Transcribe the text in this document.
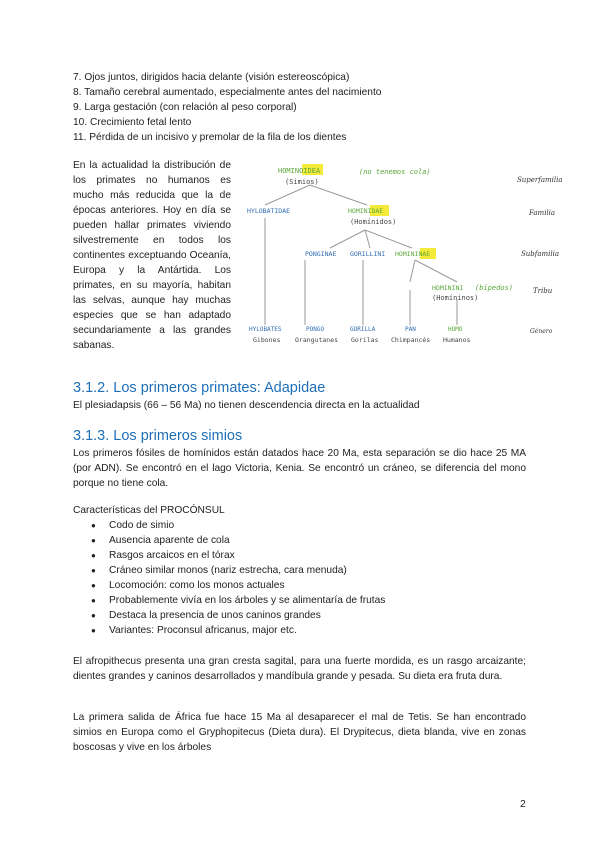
7. Ojos juntos, dirigidos hacia delante (visión estereoscópica)
8. Tamaño cerebral aumentado, especialmente antes del nacimiento
9. Larga gestación (con relación al peso corporal)
10. Crecimiento fetal lento
11. Pérdida de un incisivo y premolar de la fila de los dientes
En la actualidad la distribución de los primates no humanos es mucho más reducida que la de épocas anteriores. Hoy en día se pueden hallar primates viviendo silvestremente en todos los continentes exceptuando Oceanía, Europa y la Antártida. Los primates, en su mayoría, habitan las selvas, aunque hay muchas especies que se han adaptado secundariamente a las grandes sabanas.
HOMINOIDEA	(no tenemos cola)
(Simios)
HYLOBATIDAE	HOMINIDAE
(Homínidos)
PONGINAE GORILLINI HOMININAE
HOMININI (bípedos)
(Homíninos)
HYLOBATES	PONGO	GORILLA	PAN	HOMO
Gibones Orangutanes Gorilas Chimpancés Humanos
Superfamilia
Familia
Subfamilia
Tribu
Género
3.1.2. Los primeros primates: Adapidae
El plesiadapsis (66 – 56 Ma) no tienen descendencia directa en la actualidad
3.1.3. Los primeros simios
Los primeros fósiles de homínidos están datados hace 20 Ma, esta separación se dio hace 25 MA (por ADN). Se encontró en el lago Victoria, Kenia. Se encontró un cráneo, se diferencia del mono porque no tiene cola.
Características del PROCÓNSUL
● Codo de simio
● Ausencia aparente de cola
● Rasgos arcaicos en el tórax
● Cráneo similar monos (nariz estrecha, cara menuda)
● Locomoción: como los monos actuales
● Probablemente vivía en los árboles y se alimentaría de frutas
● Destaca la presencia de unos caninos grandes
● Variantes: Proconsul africanus, major etc.
El afropithecus presenta una gran cresta sagital, para una fuerte mordida, es un rasgo arcaizante; dientes grandes y caninos desarrollados y mandíbula grande y pesada. Su dieta era fruta dura.
La primera salida de África fue hace 15 Ma al desaparecer el mal de Tetis. Se han encontrado simios en Europa como el Gryphopitecus (Dieta dura). El Drypitecus, dieta blanda, vive en zonas boscosas y vive en los árboles
2
